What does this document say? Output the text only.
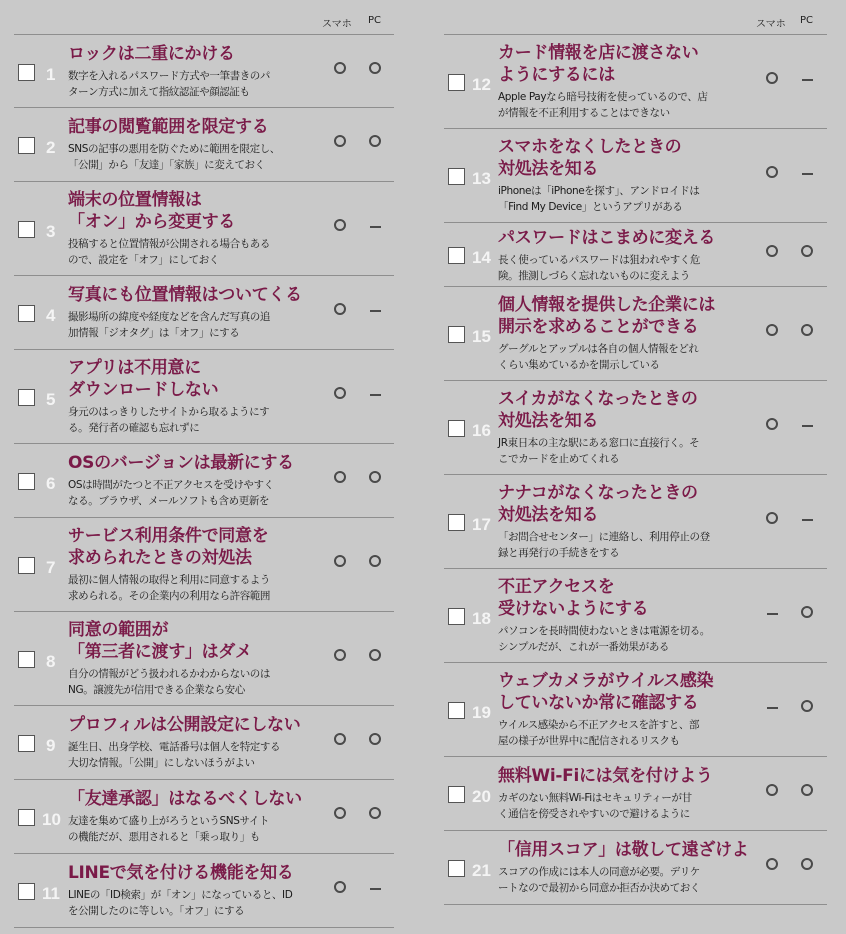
スマホ PC
1
ロックは二重にかける
数字を入れるパスワード方式や一筆書きのパ
ターン方式に加えて指紋認証や顔認証も
2
記事の閲覧範囲を限定する
SNSの記事の悪用を防ぐために範囲を限定し、
「公開」から「友達」「家族」に変えておく
3
端末の位置情報は
「オン」から変更する
投稿すると位置情報が公開される場合もある
ので、設定を「オフ」にしておく
4
写真にも位置情報はついてくる
撮影場所の緯度や経度などを含んだ写真の追
加情報「ジオタグ」は「オフ」にする
5
アプリは不用意に
ダウンロードしない
身元のはっきりしたサイトから取るようにす
る。発行者の確認も忘れずに
6
OSのバージョンは最新にする
OSは時間がたつと不正アクセスを受けやすく
なる。ブラウザ、メールソフトも含め更新を
7
サービス利用条件で同意を
求められたときの対処法
最初に個人情報の取得と利用に同意するよう
求められる。その企業内の利用なら許容範囲
8
同意の範囲が
「第三者に渡す」はダメ
自分の情報がどう扱われるかわからないのは
NG。譲渡先が信用できる企業なら安心
9
プロフィルは公開設定にしない
誕生日、出身学校、電話番号は個人を特定する
大切な情報。「公開」にしないほうがよい
10
「友達承認」はなるべくしない
友達を集めて盛り上がろうというSNSサイト
の機能だが、悪用されると「乗っ取り」も
11
LINEで気を付ける機能を知る
LINEの「ID検索」が「オン」になっていると、ID
を公開したのに等しい。「オフ」にする
スマホ PC
12
カード情報を店に渡さない
ようにするには
Apple Payなら暗号技術を使っているので、店
が情報を不正利用することはできない
13
スマホをなくしたときの
対処法を知る
iPhoneは「iPhoneを探す」、アンドロイドは
「Find My Device」というアプリがある
14
パスワードはこまめに変える
長く使っているパスワードは狙われやすく危
険。推測しづらく忘れないものに変えよう
15
個人情報を提供した企業には
開示を求めることができる
グーグルとアップルは各自の個人情報をどれ
くらい集めているかを開示している
16
スイカがなくなったときの
対処法を知る
JR東日本の主な駅にある窓口に直接行く。そ
こでカードを止めてくれる
17
ナナコがなくなったときの
対処法を知る
「お問合せセンター」に連絡し、利用停止の登
録と再発行の手続きをする
18
不正アクセスを
受けないようにする
パソコンを長時間使わないときは電源を切る。
シンプルだが、これが一番効果がある
19
ウェブカメラがウイルス感染
していないか常に確認する
ウイルス感染から不正アクセスを許すと、部
屋の様子が世界中に配信されるリスクも
20
無料Wi-Fiには気を付けよう
カギのない無料Wi-Fiはセキュリティーが甘
く通信を傍受されやすいので避けるように
21
「信用スコア」は敬して遠ざけよ
スコアの作成には本人の同意が必要。デリケ
ートなので最初から同意か拒否か決めておく
